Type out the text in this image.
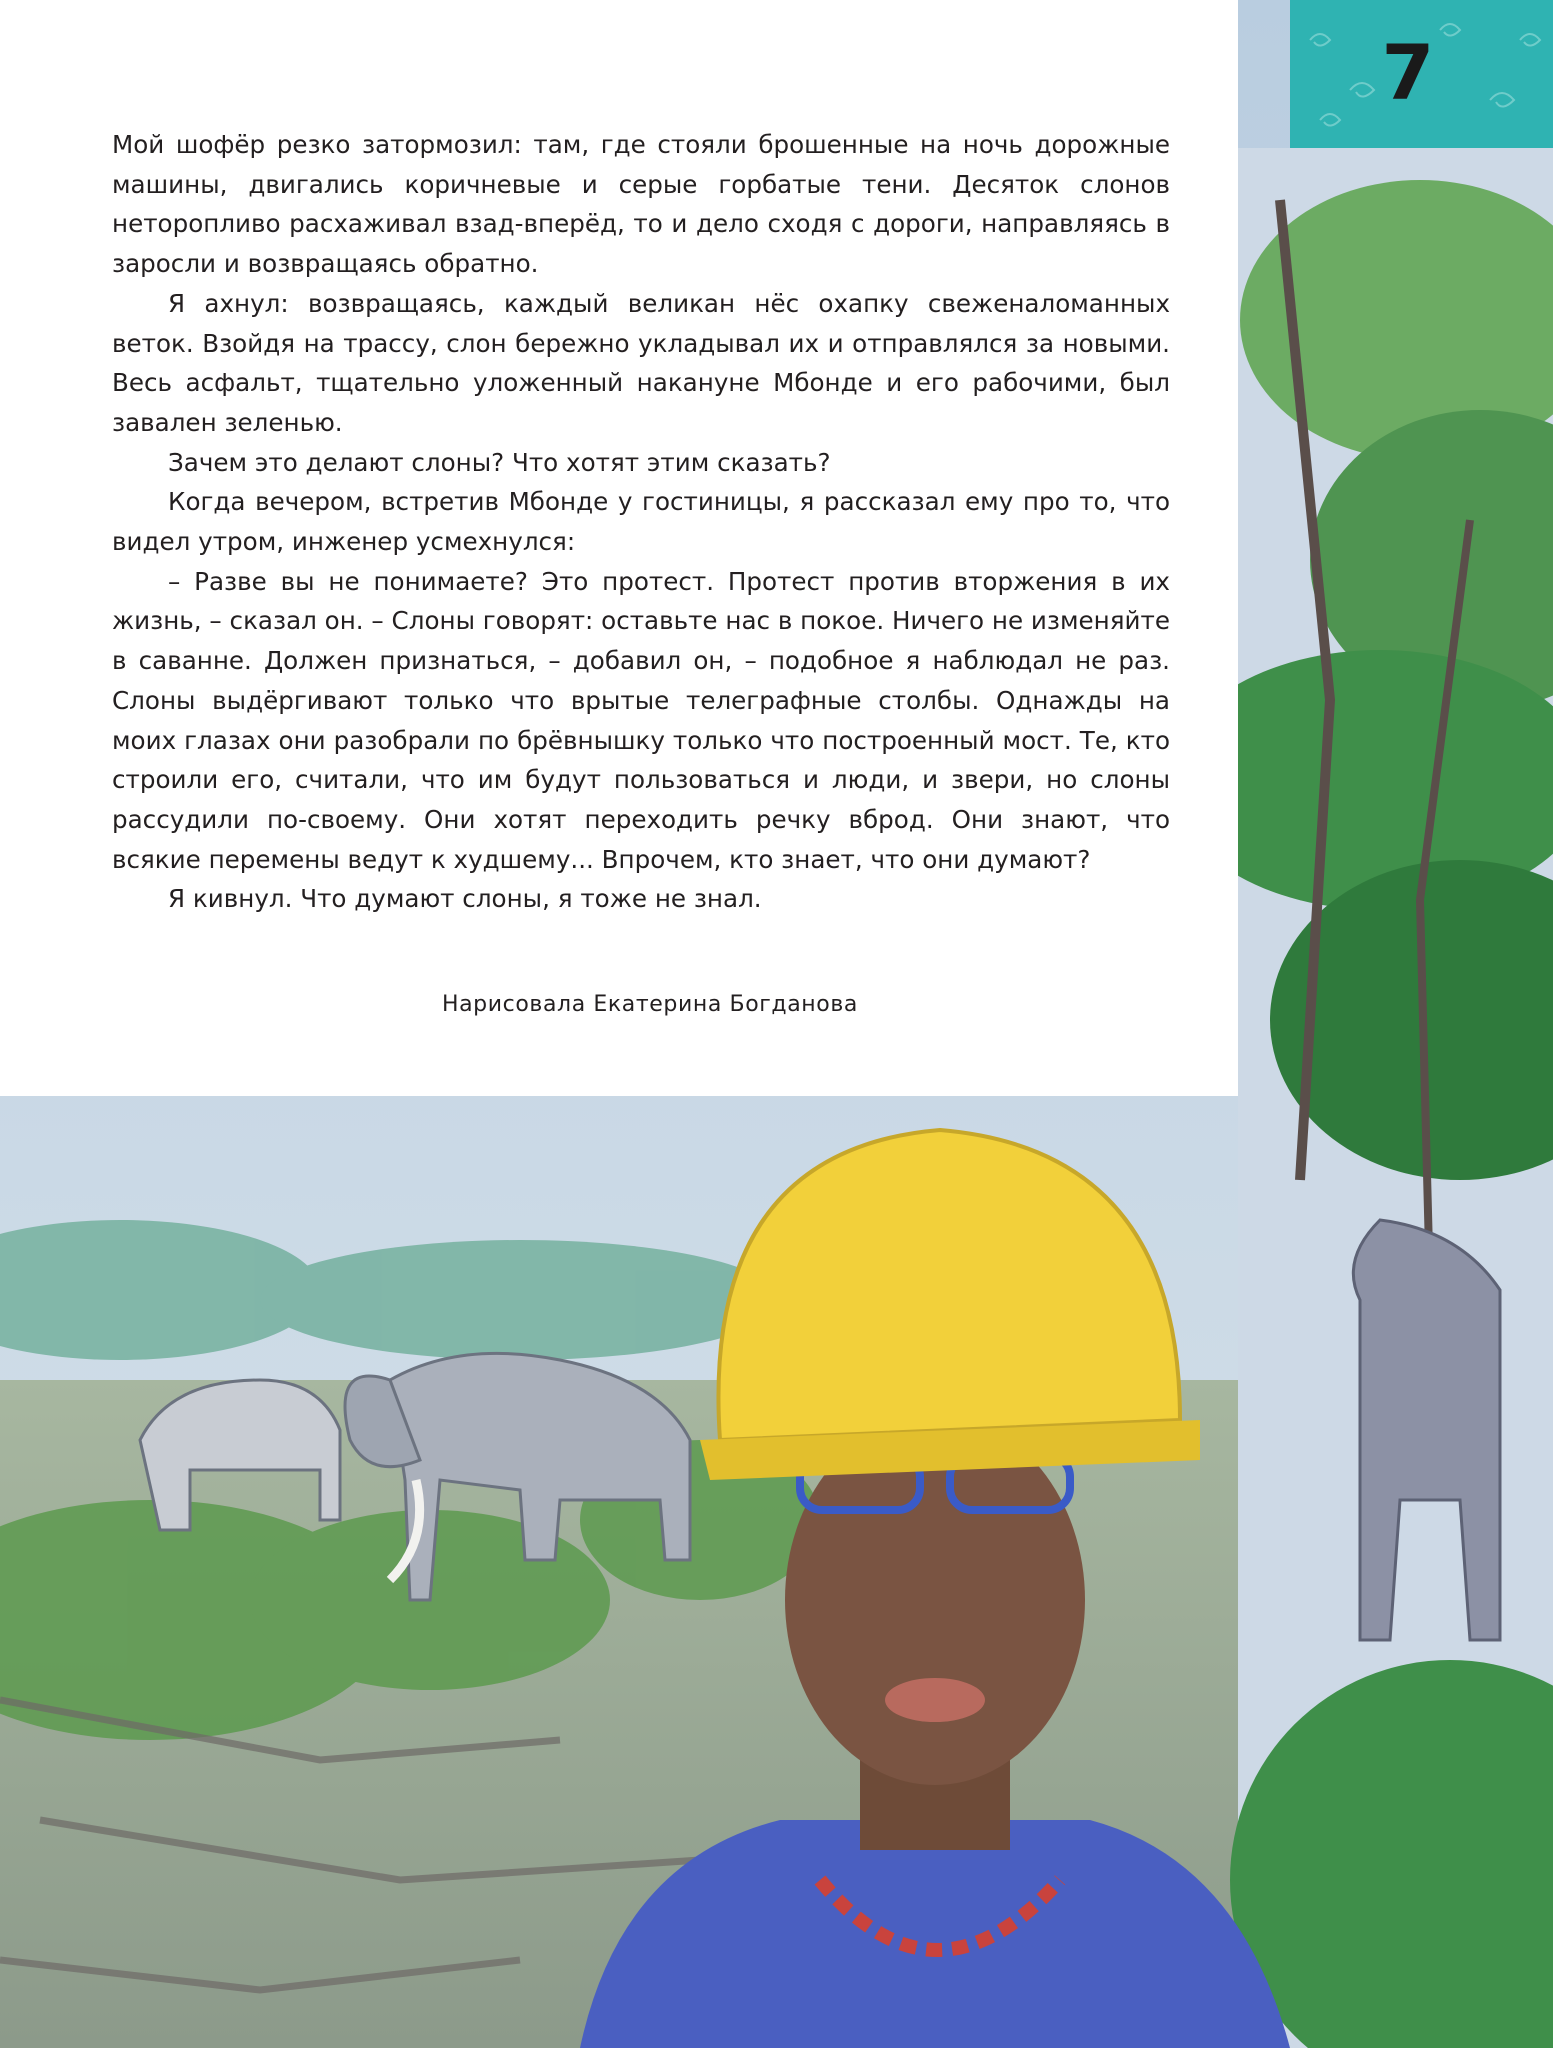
Мой шофёр резко затормозил: там, где стояли брошенные на ночь дорожные машины, двигались коричневые и серые горбатые тени. Десяток слонов неторопливо расхаживал взад-вперёд, то и дело сходя с дороги, направляясь в заросли и возвращаясь обратно.

Я ахнул: возвращаясь, каждый великан нёс охапку свеженаломанных веток. Взойдя на трассу, слон бережно укладывал их и отправлялся за новыми. Весь асфальт, тщательно уложенный накануне Мбонде и его рабочими, был завален зеленью.

Зачем это делают слоны? Что хотят этим сказать?

Когда вечером, встретив Мбонде у гостиницы, я рассказал ему про то, что видел утром, инженер усмехнулся:

– Разве вы не понимаете? Это протест. Протест против вторжения в их жизнь, – сказал он. – Слоны говорят: оставьте нас в покое. Ничего не изменяйте в саванне. Должен признаться, – добавил он, – подобное я наблюдал не раз. Слоны выдёргивают только что врытые телеграфные столбы. Однажды на моих глазах они разобрали по брёвнышку только что построенный мост. Те, кто строили его, считали, что им будут пользоваться и люди, и звери, но слоны рассудили по-своему. Они хотят переходить речку вброд. Они знают, что всякие перемены ведут к худшему... Впрочем, кто знает, что они думают?

Я кивнул. Что думают слоны, я тоже не знал.

Нарисовала Екатерина Богданова
7
